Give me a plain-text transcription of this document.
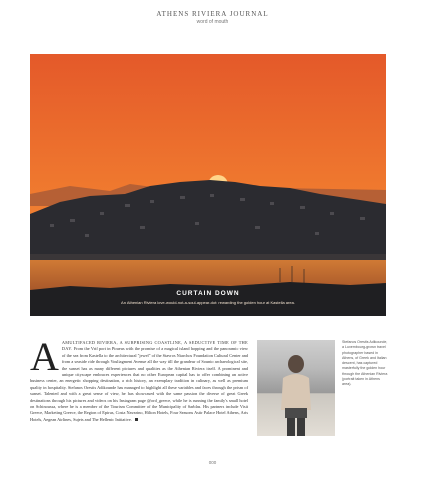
ATHENS RIVIERA JOURNAL
word of mouth
CURTAIN DOWN
An Athenian Riviera love-would-not-a-soul-appear-dot: rewarding the golden hour at Kastella area.
A AMULTIFACED RIVIERA, A SURPRISING COASTLINE, A SEDUCTIVE TIME OF THE DAY. From the Vrif port in Piraeus with the promise of a magical island hopping and the panoramic view of the sea from Kastella to the architectural "jewel" of the Stavros Niarchos Foundation Cultural Center and from a seaside ride through Vouliagmeni Avenue all the way till the grandeur of Sounio archaeological site, the sunset has as many different pictures and qualities as the Athenian Riviera itself. A prominent and unique cityscape embraces experiences that no other European capital has to offer combining an active business center, an energetic shopping destination, a rich history, an exemplary tradition in culinary, as well as premium quality in hospitality. Stefanos Orestis Adikounde has managed to highlight all these variables and faces through the prism of sunset. Talented and with a great sense of view, he has showcased with the same passion the diverse of great Greek destinations through his pictures and videos on his Instagram page @ord_greece, while he is running the family's small hotel on Schinoussa, where he is a member of the Tourism Committee of the Municipality of Sarblas. His partners include Visit Greece, Marketing Greece, the Region of Epirus, Costa Navarino, Hilton Hotels, Four Seasons Astir Palace Hotel Athens, Aris Hotels, Aegean Airlines, Sujets and The Hellenic Initiative.
Stefanos Orestis Adikounde, a Luxembourg-grown travel photographer based in Athens, of Greek and Italian descent, has captured masterfully the golden hour through the Athenian Riviera (portrait taken in Athens area).
000
